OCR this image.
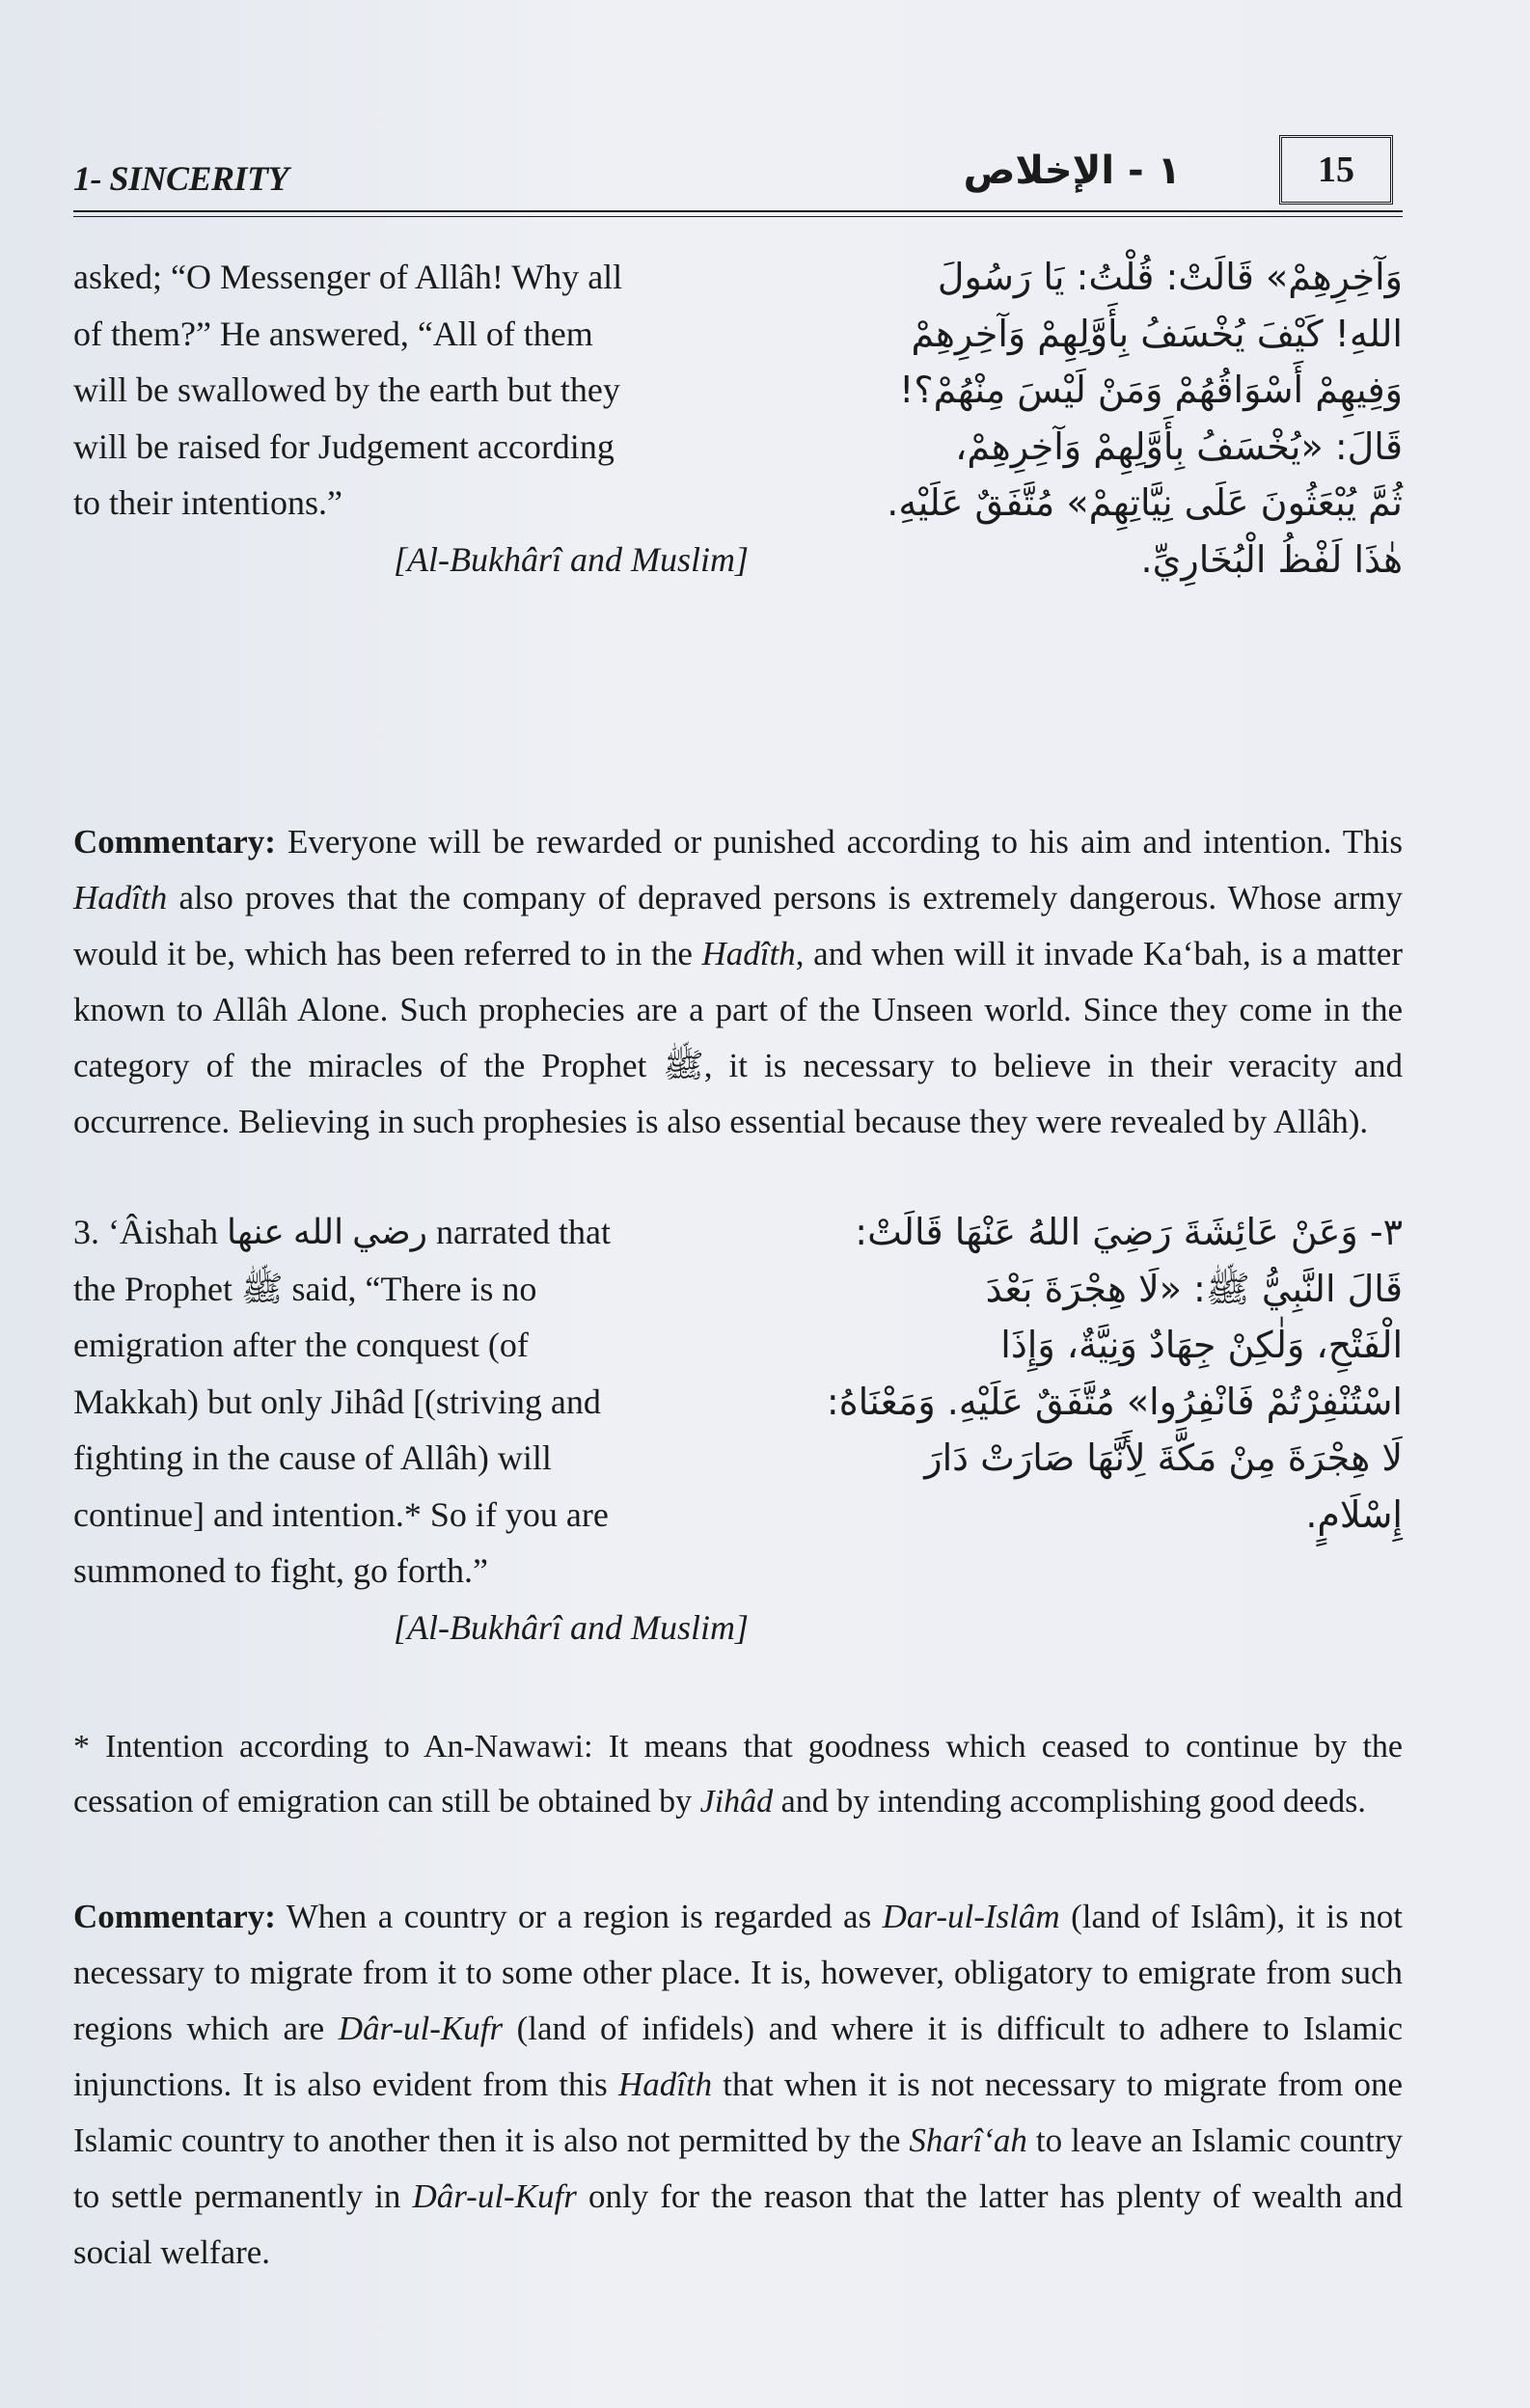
1- SINCERITY	١ - الإخلاص	15

asked; “O Messenger of Allâh! Why all

of them?” He answered, “All of them

will be swallowed by the earth but they

will be raised for Judgement according

to their intentions.”

[Al-Bukhârî and Muslim]

وَآخِرِهِمْ» قَالَتْ: قُلْتُ: يَا رَسُولَ
اللهِ! كَيْفَ يُخْسَفُ بِأَوَّلِهِمْ وَآخِرِهِمْ
وَفِيهِمْ أَسْوَاقُهُمْ وَمَنْ لَيْسَ مِنْهُمْ؟!
قَالَ: «يُخْسَفُ بِأَوَّلِهِمْ وَآخِرِهِمْ،
ثُمَّ يُبْعَثُونَ عَلَى نِيَّاتِهِمْ» مُتَّفَقٌ عَلَيْهِ.
هٰذَا لَفْظُ الْبُخَارِيِّ.
Commentary: Everyone will be rewarded or punished according to his aim and intention. This Hadîth also proves that the company of depraved persons is extremely dangerous. Whose army would it be, which has been referred to in the Hadîth, and when will it invade Ka‘bah, is a matter known to Allâh Alone. Such prophecies are a part of the Unseen world. Since they come in the category of the miracles of the Prophet ﷺ, it is necessary to believe in their veracity and occurrence. Believing in such prophesies is also essential because they were revealed by Allâh).

3. ‘Âishah رضي الله عنها narrated that

the Prophet ﷺ said, “There is no

emigration after the conquest (of

Makkah) but only Jihâd [(striving and

fighting in the cause of Allâh) will

continue] and intention.* So if you are

summoned to fight, go forth.”

[Al-Bukhârî and Muslim]

٣- وَعَنْ عَائِشَةَ رَضِيَ اللهُ عَنْهَا قَالَتْ:
قَالَ النَّبِيُّ ﷺ: «لَا هِجْرَةَ بَعْدَ
الْفَتْحِ، وَلٰكِنْ جِهَادٌ وَنِيَّةٌ، وَإِذَا
اسْتُنْفِرْتُمْ فَانْفِرُوا» مُتَّفَقٌ عَلَيْهِ. وَمَعْنَاهُ:
لَا هِجْرَةَ مِنْ مَكَّةَ لِأَنَّهَا صَارَتْ دَارَ
إِسْلَامٍ.
* Intention according to An-Nawawi: It means that goodness which ceased to continue by the cessation of emigration can still be obtained by Jihâd and by intending accomplishing good deeds.
Commentary: When a country or a region is regarded as Dar-ul-Islâm (land of Islâm), it is not necessary to migrate from it to some other place. It is, however, obligatory to emigrate from such regions which are Dâr-ul-Kufr (land of infidels) and where it is difficult to adhere to Islamic injunctions. It is also evident from this Hadîth that when it is not necessary to migrate from one Islamic country to another then it is also not permitted by the Sharî‘ah to leave an Islamic country to settle permanently in Dâr-ul-Kufr only for the reason that the latter has plenty of wealth and social welfare.
